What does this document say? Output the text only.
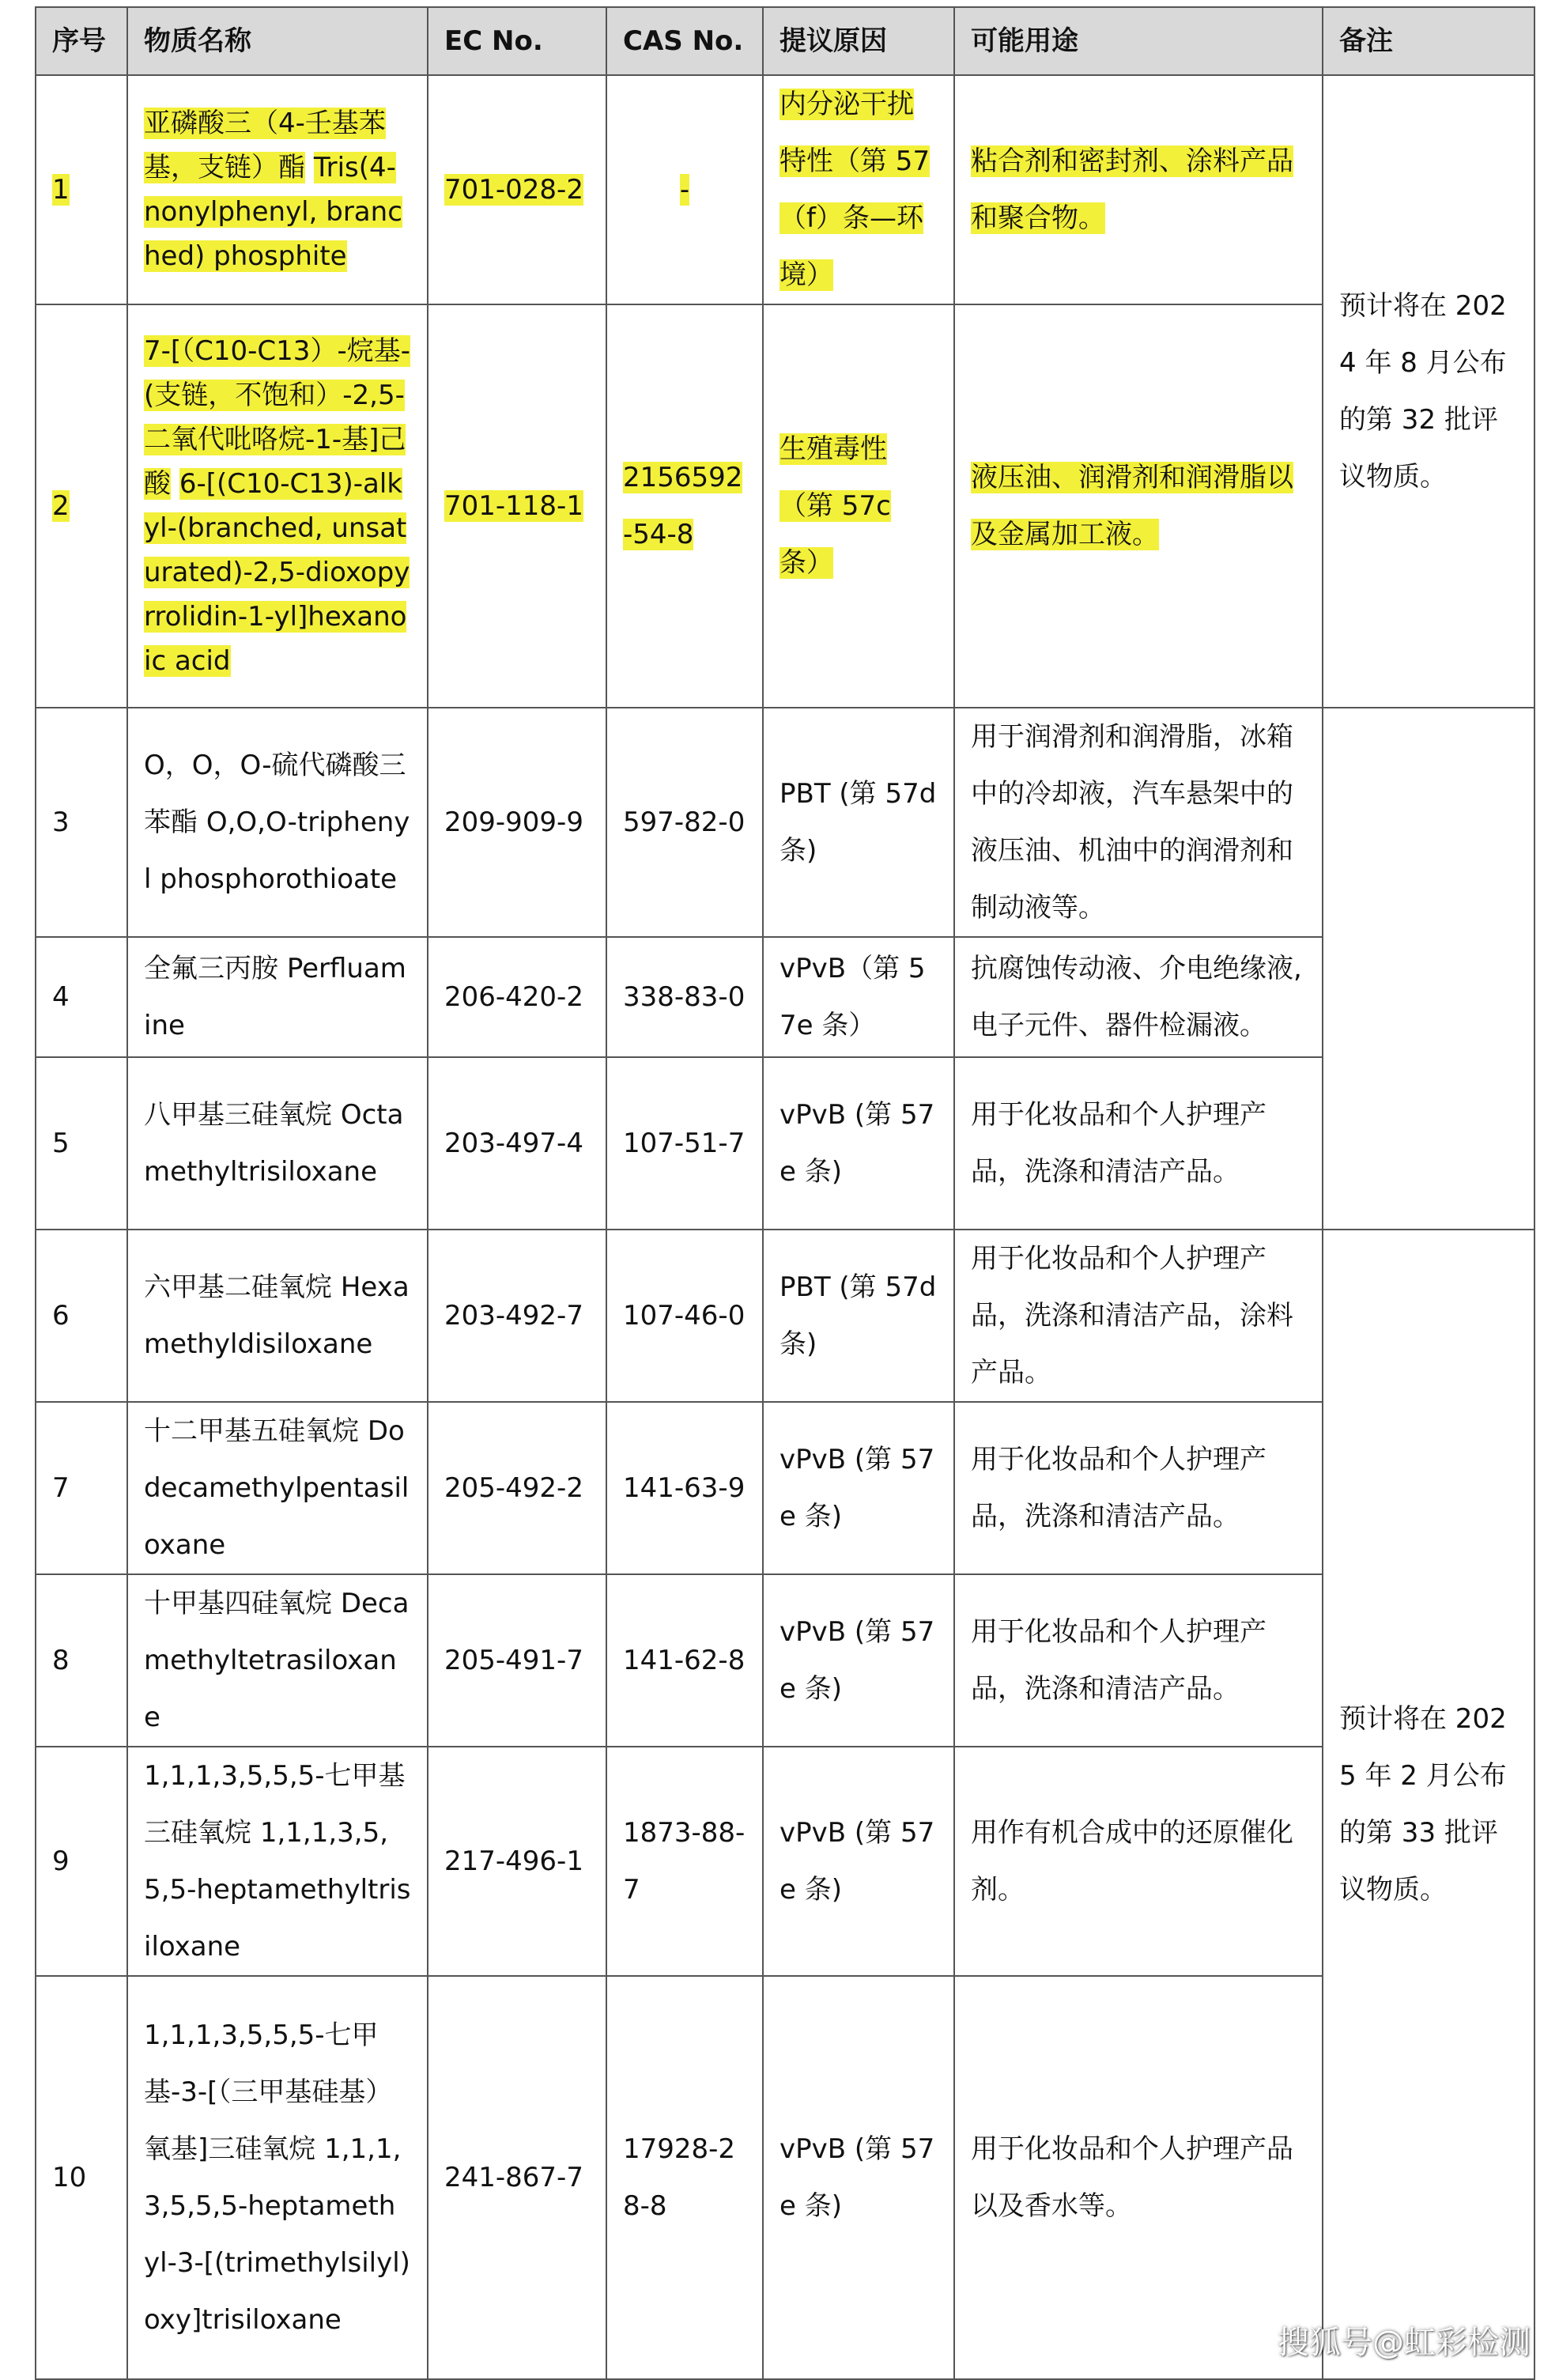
序号	物质名称	EC No.	CAS No.	提议原因	可能用途	备注
1	亚磷酸三（4-壬基苯基，支链）酯 Tris(4-nonylphenyl, branched) phosphite	701-028-2	-	内分泌干扰特性（第 57（f）条—环境）	粘合剂和密封剂、涂料产品和聚合物。	预计将在 2024 年 8 月公布的第 32 批评议物质。
2	7-[（C10-C13）-烷基-(支链，不饱和）-2,5-二氧代吡咯烷-1-基]己酸 6-[(C10-C13)-alkyl-(branched, unsaturated)-2,5-dioxopyrrolidin-1-yl]hexanoic acid	701-118-1	2156592-54-8	生殖毒性（第 57c 条）	液压油、润滑剂和润滑脂以及金属加工液。	
3	O，O，O-硫代磷酸三苯酯 O,O,O-triphenyl phosphorothioate	209-909-9	597-82-0	PBT (第 57d 条)	用于润滑剂和润滑脂，冰箱中的冷却液，汽车悬架中的液压油、机油中的润滑剂和制动液等。	
4	全氟三丙胺 Perfluamine	206-420-2	338-83-0	vPvB（第 57e 条）	抗腐蚀传动液、介电绝缘液,电子元件、器件检漏液。	
5	八甲基三硅氧烷 Octamethyltrisiloxane	203-497-4	107-51-7	vPvB (第 57e 条)	用于化妆品和个人护理产品，洗涤和清洁产品。	
6	六甲基二硅氧烷 Hexamethyldisiloxane	203-492-7	107-46-0	PBT (第 57d 条)	用于化妆品和个人护理产品，洗涤和清洁产品，涂料产品。	预计将在 2025 年 2 月公布的第 33 批评议物质。
7	十二甲基五硅氧烷 Dodecamethylpentasiloxane	205-492-2	141-63-9	vPvB (第 57e 条)	用于化妆品和个人护理产品，洗涤和清洁产品。	
8	十甲基四硅氧烷 Decamethyltetrasiloxane	205-491-7	141-62-8	vPvB (第 57e 条)	用于化妆品和个人护理产品，洗涤和清洁产品。	
9	1,1,1,3,5,5,5-七甲基三硅氧烷 1,1,1,3,5,5,5-heptamethyltrisiloxane	217-496-1	1873-88-7	vPvB (第 57e 条)	用作有机合成中的还原催化剂。	
10	1,1,1,3,5,5,5-七甲基-3-[（三甲基硅基）氧基]三硅氧烷 1,1,1,3,5,5,5-heptamethyl-3-[(trimethylsilyl)oxy]trisiloxane	241-867-7	17928-28-8	vPvB (第 57e 条)	用于化妆品和个人护理产品以及香水等。	
搜狐号@虹彩检测
